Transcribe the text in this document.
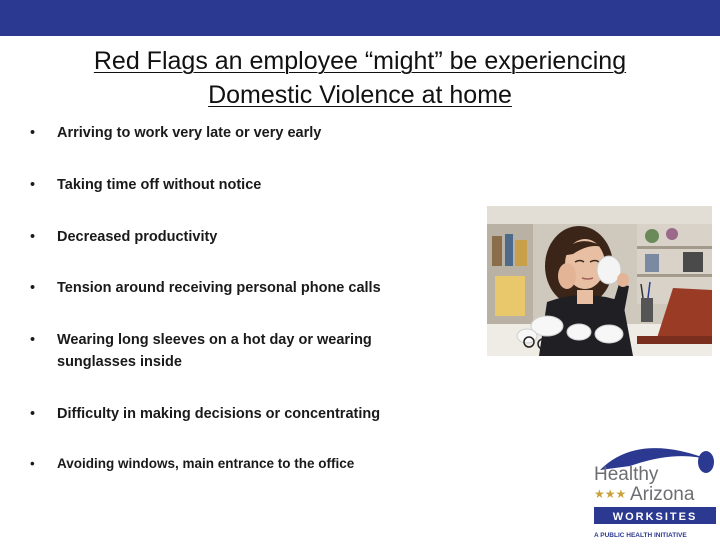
Red Flags an employee “might” be experiencing
Domestic Violence at home
• Arriving to work very late or very early
• Taking time off without notice
• Decreased productivity
• Tension around receiving personal phone calls
• Wearing long sleeves on a hot day or wearing sunglasses inside
• Difficulty in making decisions or concentrating
• Avoiding windows, main entrance to the office
Healthy
★★★ Arizona
WORKSITES
A PUBLIC HEALTH INITIATIVE
